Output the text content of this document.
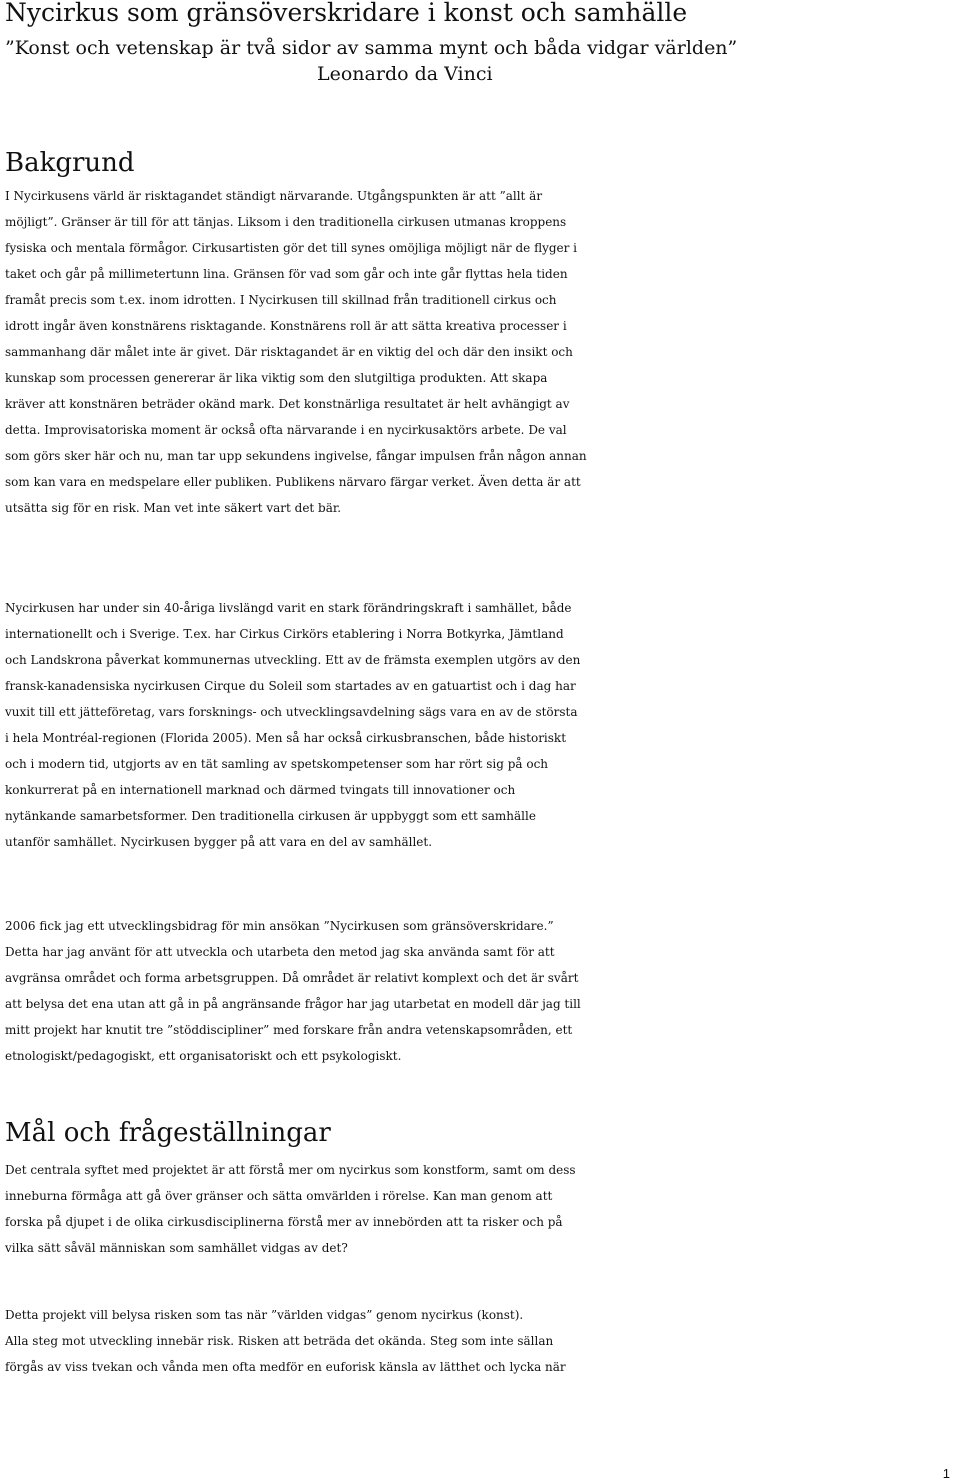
Nycirkus som gränsöverskridare i konst och samhälle
”Konst och vetenskap är två sidor av samma mynt och båda vidgar världen”
Leonardo da Vinci
Bakgrund

I Nycirkusens värld är risktagandet ständigt närvarande. Utgångspunkten är att ”allt är
möjligt”. Gränser är till för att tänjas. Liksom i den traditionella cirkusen utmanas kroppens
fysiska och mentala förmågor. Cirkusartisten gör det till synes omöjliga möjligt när de flyger i
taket och går på millimetertunn lina. Gränsen för vad som går och inte går flyttas hela tiden
framåt precis som t.ex. inom idrotten. I Nycirkusen till skillnad från traditionell cirkus och
idrott ingår även konstnärens risktagande. Konstnärens roll är att sätta kreativa processer i
sammanhang där målet inte är givet. Där risktagandet är en viktig del och där den insikt och
kunskap som processen genererar är lika viktig som den slutgiltiga produkten. Att skapa
kräver att konstnären beträder okänd mark. Det konstnärliga resultatet är helt avhängigt av
detta. Improvisatoriska moment är också ofta närvarande i en nycirkusaktörs arbete. De val
som görs sker här och nu, man tar upp sekundens ingivelse, fångar impulsen från någon annan
som kan vara en medspelare eller publiken. Publikens närvaro färgar verket. Även detta är att
utsätta sig för en risk. Man vet inte säkert vart det bär.

Nycirkusen har under sin 40-åriga livslängd varit en stark förändringskraft i samhället, både
internationellt och i Sverige. T.ex. har Cirkus Cirkörs etablering i Norra Botkyrka, Jämtland
och Landskrona påverkat kommunernas utveckling. Ett av de främsta exemplen utgörs av den
fransk-kanadensiska nycirkusen Cirque du Soleil som startades av en gatuartist och i dag har
vuxit till ett jätteföretag, vars forsknings- och utvecklingsavdelning sägs vara en av de största
i hela Montréal-regionen (Florida 2005). Men så har också cirkusbranschen, både historiskt
och i modern tid, utgjorts av en tät samling av spetskompetenser som har rört sig på och
konkurrerat på en internationell marknad och därmed tvingats till innovationer och
nytänkande samarbetsformer. Den traditionella cirkusen är uppbyggt som ett samhälle
utanför samhället. Nycirkusen bygger på att vara en del av samhället.

2006 fick jag ett utvecklingsbidrag för min ansökan ”Nycirkusen som gränsöverskridare.”
Detta har jag använt för att utveckla och utarbeta den metod jag ska använda samt för att
avgränsa området och forma arbetsgruppen. Då området är relativt komplext och det är svårt
att belysa det ena utan att gå in på angränsande frågor har jag utarbetat en modell där jag till
mitt projekt har knutit tre ”stöddiscipliner” med forskare från andra vetenskapsområden, ett
etnologiskt/pedagogiskt, ett organisatoriskt och ett psykologiskt.

Mål och frågeställningar

Det centrala syftet med projektet är att förstå mer om nycirkus som konstform, samt om dess
inneburna förmåga att gå över gränser och sätta omvärlden i rörelse. Kan man genom att
forska på djupet i de olika cirkusdisciplinerna förstå mer av innebörden att ta risker och på
vilka sätt såväl människan som samhället vidgas av det?

Detta projekt vill belysa risken som tas när ”världen vidgas” genom nycirkus (konst).
Alla steg mot utveckling innebär risk. Risken att beträda det okända. Steg som inte sällan
förgås av viss tvekan och vånda men ofta medför en euforisk känsla av lätthet och lycka när

1
